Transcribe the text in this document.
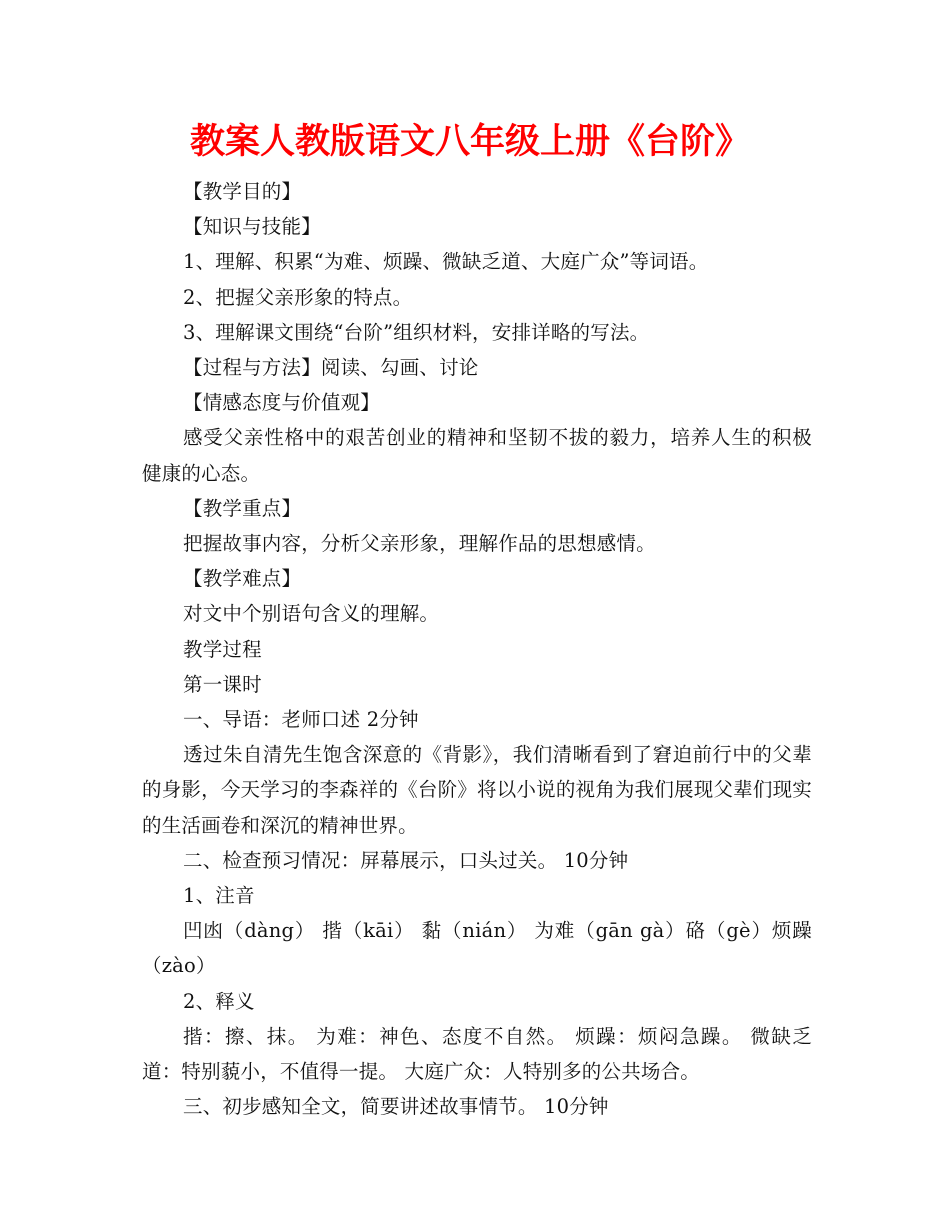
教案人教版语文八年级上册《台阶》

【教学目的】

【知识与技能】

1、理解、积累“为难、烦躁、微缺乏道、大庭广众”等词语。

2、把握父亲形象的特点。

3、理解课文围绕“台阶”组织材料，安排详略的写法。

【过程与方法】阅读、勾画、讨论

【情感态度与价值观】

感受父亲性格中的艰苦创业的精神和坚韧不拔的毅力，培养人生的积极健康的心态。

【教学重点】

把握故事内容，分析父亲形象，理解作品的思想感情。

【教学难点】

对文中个别语句含义的理解。

教学过程

第一课时

一、导语：老师口述 2分钟

透过朱自清先生饱含深意的《背影》，我们清晰看到了窘迫前行中的父辈的身影，今天学习的李森祥的《台阶》将以小说的视角为我们展现父辈们现实的生活画卷和深沉的精神世界。

二、检查预习情况：屏幕展示，口头过关。 10分钟

1、注音

凹凼（dàng） 揩（kāi） 黏（nián） 为难（gān gà）硌（gè）烦躁（zào）

2、释义

揩：擦、抹。 为难：神色、态度不自然。 烦躁：烦闷急躁。 微缺乏道：特别藐小，不值得一提。 大庭广众：人特别多的公共场合。

三、初步感知全文，简要讲述故事情节。 10分钟
